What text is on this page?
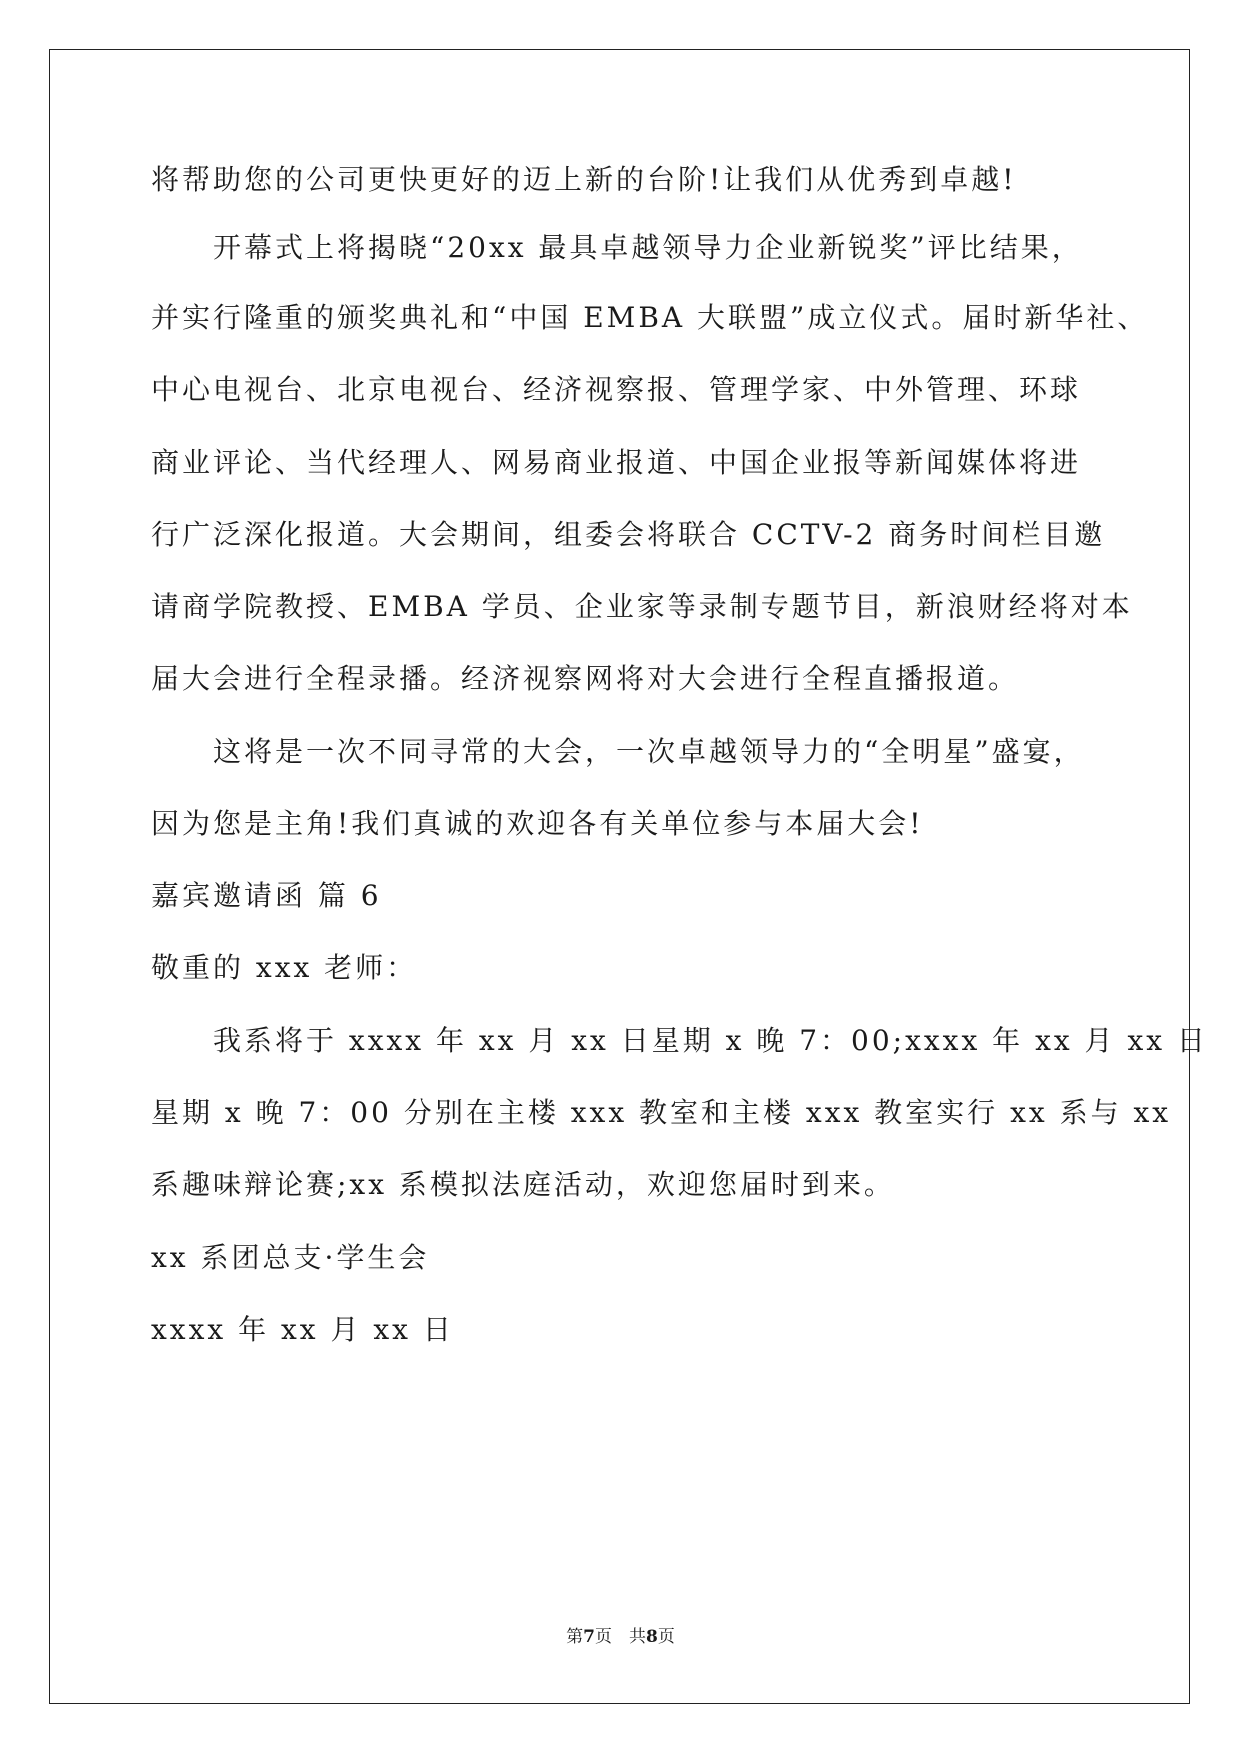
将帮助您的公司更快更好的迈上新的台阶!让我们从优秀到卓越!
开幕式上将揭晓“20xx 最具卓越领导力企业新锐奖”评比结果，
并实行隆重的颁奖典礼和“中国 EMBA 大联盟”成立仪式。届时新华社、
中心电视台、北京电视台、经济视察报、管理学家、中外管理、环球
商业评论、当代经理人、网易商业报道、中国企业报等新闻媒体将进
行广泛深化报道。大会期间，组委会将联合 CCTV-2 商务时间栏目邀
请商学院教授、EMBA 学员、企业家等录制专题节目，新浪财经将对本
届大会进行全程录播。经济视察网将对大会进行全程直播报道。
这将是一次不同寻常的大会，一次卓越领导力的“全明星”盛宴，
因为您是主角!我们真诚的欢迎各有关单位参与本届大会!
嘉宾邀请函 篇 6
敬重的 xxx 老师：
我系将于 xxxx 年 xx 月 xx 日星期 x 晚 7：00;xxxx 年 xx 月 xx 日
星期 x 晚 7：00 分别在主楼 xxx 教室和主楼 xxx 教室实行 xx 系与 xx
系趣味辩论赛;xx 系模拟法庭活动，欢迎您届时到来。
xx 系团总支·学生会
xxxx 年 xx 月 xx 日
第7页　共8页
